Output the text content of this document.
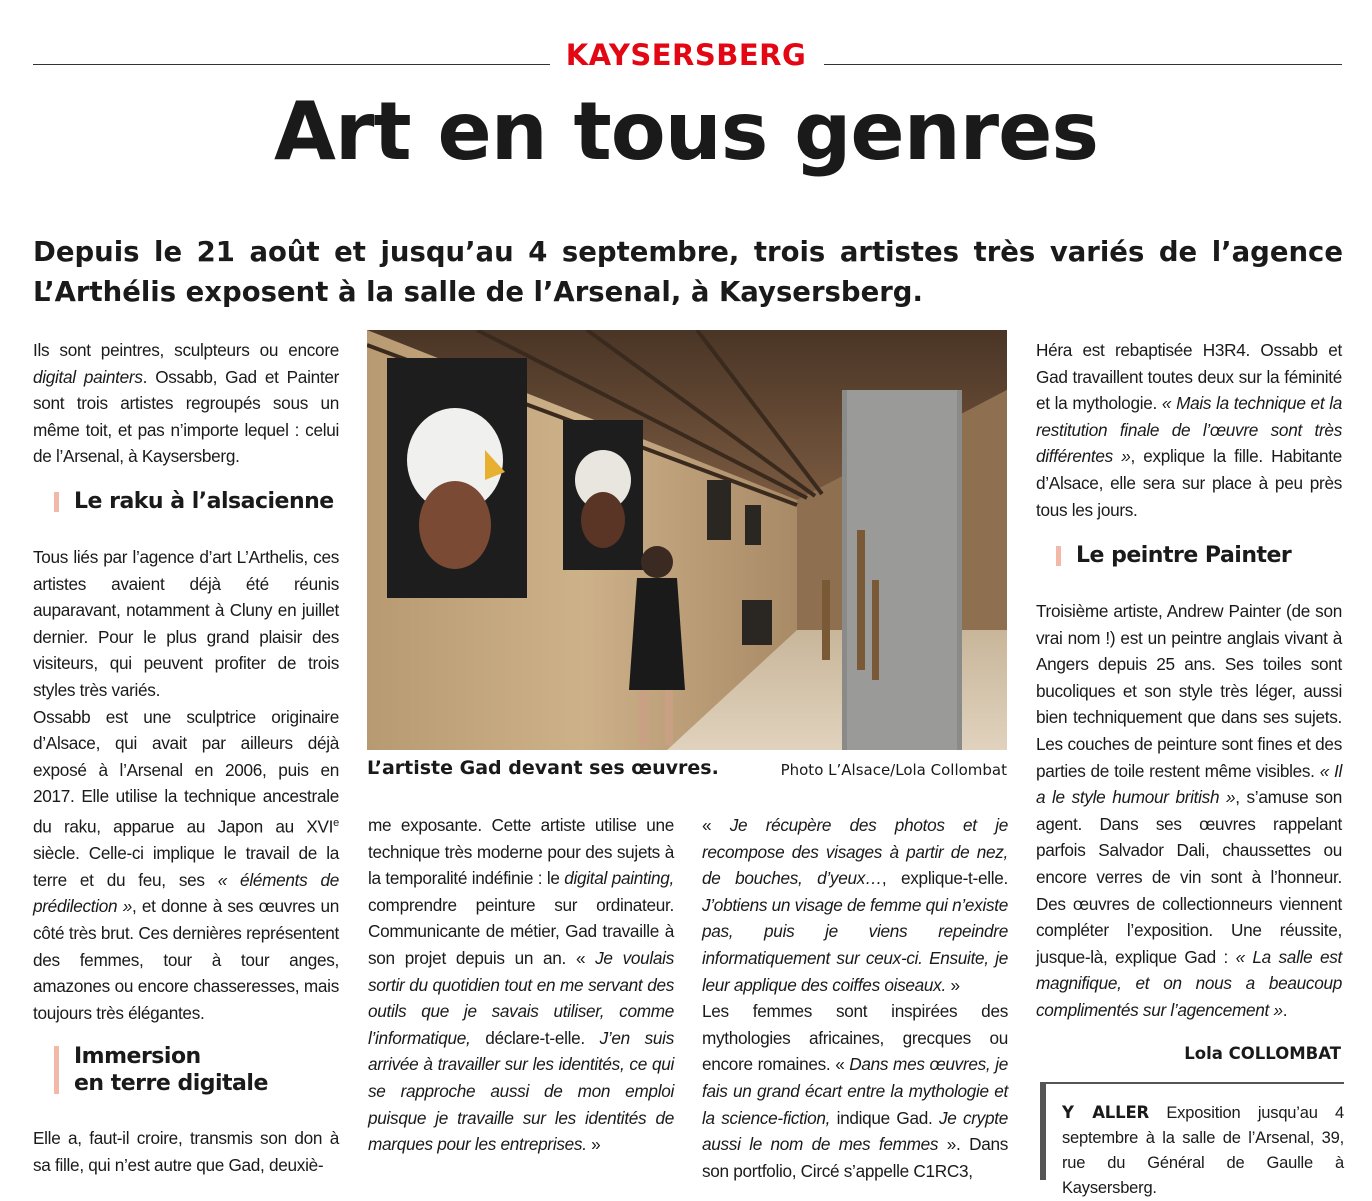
KAYSERSBERG
Art en tous genres
Depuis le 21 août et jusqu’au 4 septembre, trois artistes très variés de l’agence L’Arthélis exposent à la salle de l’Arsenal, à Kaysersberg.

Ils sont peintres, sculpteurs ou encore digital painters. Ossabb, Gad et Painter sont trois artistes regroupés sous un même toit, et pas n’importe lequel : celui de l’Arsenal, à Kaysersberg.

Le raku à l’alsacienne

Tous liés par l’agence d’art L’Arthelis, ces artistes avaient déjà été réunis auparavant, notamment à Cluny en juillet dernier. Pour le plus grand plaisir des visiteurs, qui peuvent profiter de trois styles très variés.

Ossabb est une sculptrice originaire d’Alsace, qui avait par ailleurs déjà exposé à l’Arsenal en 2006, puis en 2017. Elle utilise la technique ancestrale du raku, apparue au Japon au XVIe siècle. Celle-ci implique le travail de la terre et du feu, ses « éléments de prédilection », et donne à ses œuvres un côté très brut. Ces dernières représentent des femmes, tour à tour anges, amazones ou encore chasseresses, mais toujours très élégantes.

Immersion
en terre digitale

Elle a, faut-il croire, transmis son don à sa fille, qui n’est autre que Gad, deuxiè-

L’artiste Gad devant ses œuvres.	Photo L’Alsace/Lola Collombat

me exposante. Cette artiste utilise une technique très moderne pour des sujets à la temporalité indéfinie : le digital painting, comprendre peinture sur ordinateur. Communicante de métier, Gad travaille à son projet depuis un an. « Je voulais sortir du quotidien tout en me servant des outils que je savais utiliser, comme l’informatique, déclare-t-elle. J’en suis arrivée à travailler sur les identités, ce qui se rapproche aussi de mon emploi puisque je travaille sur les identités de marques pour les entreprises. »

« Je récupère des photos et je recompose des visages à partir de nez, de bouches, d’yeux…, explique-t-elle. J’obtiens un visage de femme qui n’existe pas, puis je viens repeindre informatiquement sur ceux-ci. Ensuite, je leur applique des coiffes oiseaux. »

Les femmes sont inspirées des mythologies africaines, grecques ou encore romaines. « Dans mes œuvres, je fais un grand écart entre la mythologie et la science-fiction, indique Gad. Je crypte aussi le nom de mes femmes ». Dans son portfolio, Circé s’appelle C1RC3,

Héra est rebaptisée H3R4. Ossabb et Gad travaillent toutes deux sur la féminité et la mythologie. « Mais la technique et la restitution finale de l’œuvre sont très différentes », explique la fille. Habitante d’Alsace, elle sera sur place à peu près tous les jours.

Le peintre Painter

Troisième artiste, Andrew Painter (de son vrai nom !) est un peintre anglais vivant à Angers depuis 25 ans. Ses toiles sont bucoliques et son style très léger, aussi bien techniquement que dans ses sujets. Les couches de peinture sont fines et des parties de toile restent même visibles. « Il a le style humour british », s’amuse son agent. Dans ses œuvres rappelant parfois Salvador Dali, chaussettes ou encore verres de vin sont à l’honneur. Des œuvres de collectionneurs viennent compléter l’exposition. Une réussite, jusque-là, explique Gad : « La salle est magnifique, et on nous a beaucoup complimentés sur l’agencement ».

Lola COLLOMBAT
Y ALLER Exposition jusqu’au 4 septembre à la salle de l’Arsenal, 39, rue du Général de Gaulle à Kaysersberg.
